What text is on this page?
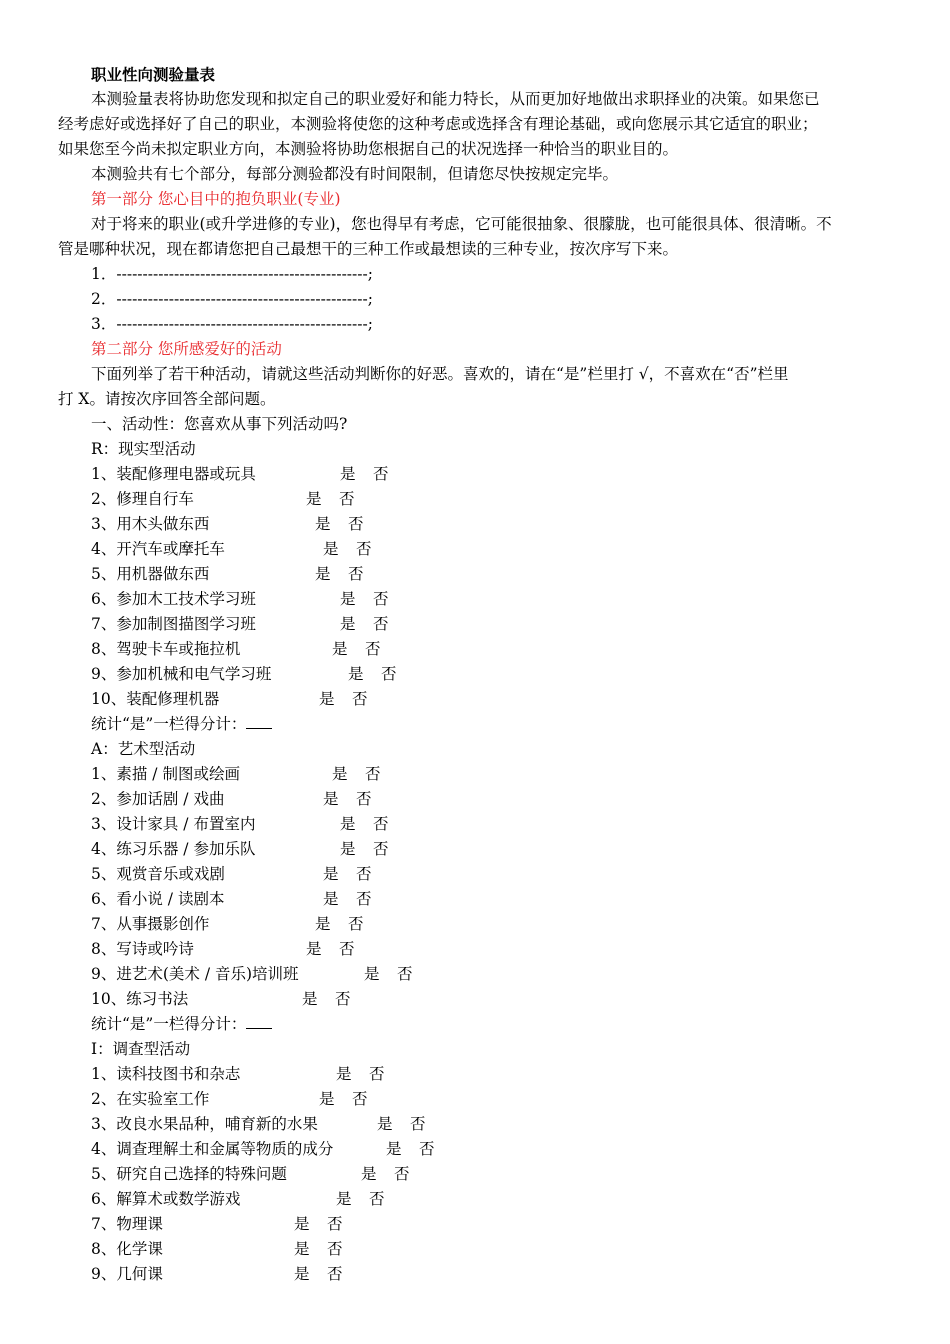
职业性向测验量表
本测验量表将协助您发现和拟定自己的职业爱好和能力特长，从而更加好地做出求职择业的决策。如果您已
经考虑好或选择好了自己的职业，本测验将使您的这种考虑或选择含有理论基础，或向您展示其它适宜的职业；
如果您至今尚未拟定职业方向，本测验将协助您根据自己的状况选择一种恰当的职业目的。
本测验共有七个部分，每部分测验都没有时间限制，但请您尽快按规定完毕。
第一部分 您心目中的抱负职业(专业)
对于将来的职业(或升学进修的专业)，您也得早有考虑，它可能很抽象、很朦胧，也可能很具体、很清晰。不
管是哪种状况，现在都请您把自己最想干的三种工作或最想读的三种专业，按次序写下来。
1．------------------------------------------------;
2．------------------------------------------------;
3．------------------------------------------------;
第二部分 您所感爱好的活动
下面列举了若干种活动，请就这些活动判断你的好恶。喜欢的，请在“是”栏里打 √，不喜欢在“否”栏里
打 X。请按次序回答全部问题。
一、活动性：您喜欢从事下列活动吗?
R：现实型活动
1、装配修理电器或玩具	是 否
2、修理自行车	是 否
3、用木头做东西	是 否
4、开汽车或摩托车	是 否
5、用机器做东西	是 否
6、参加木工技术学习班	是 否
7、参加制图描图学习班	是 否
8、驾驶卡车或拖拉机	是 否
9、参加机械和电气学习班	是 否
10、装配修理机器	是 否
统计“是”一栏得分计：
A：艺术型活动
1、素描 / 制图或绘画	是 否
2、参加话剧 / 戏曲	是 否
3、设计家具 / 布置室内	是 否
4、练习乐器 / 参加乐队	是 否
5、观赏音乐或戏剧	是 否
6、看小说 / 读剧本	是 否
7、从事摄影创作	是 否
8、写诗或吟诗	是 否
9、进艺术(美术 / 音乐)培训班	是 否
10、练习书法	是 否
统计“是”一栏得分计：
I：调查型活动
1、读科技图书和杂志	是 否
2、在实验室工作	是 否
3、改良水果品种，哺育新的水果	是 否
4、调查理解土和金属等物质的成分	是 否
5、研究自己选择的特殊问题	是 否
6、解算术或数学游戏	是 否
7、物理课	是 否
8、化学课	是 否
9、几何课	是 否
